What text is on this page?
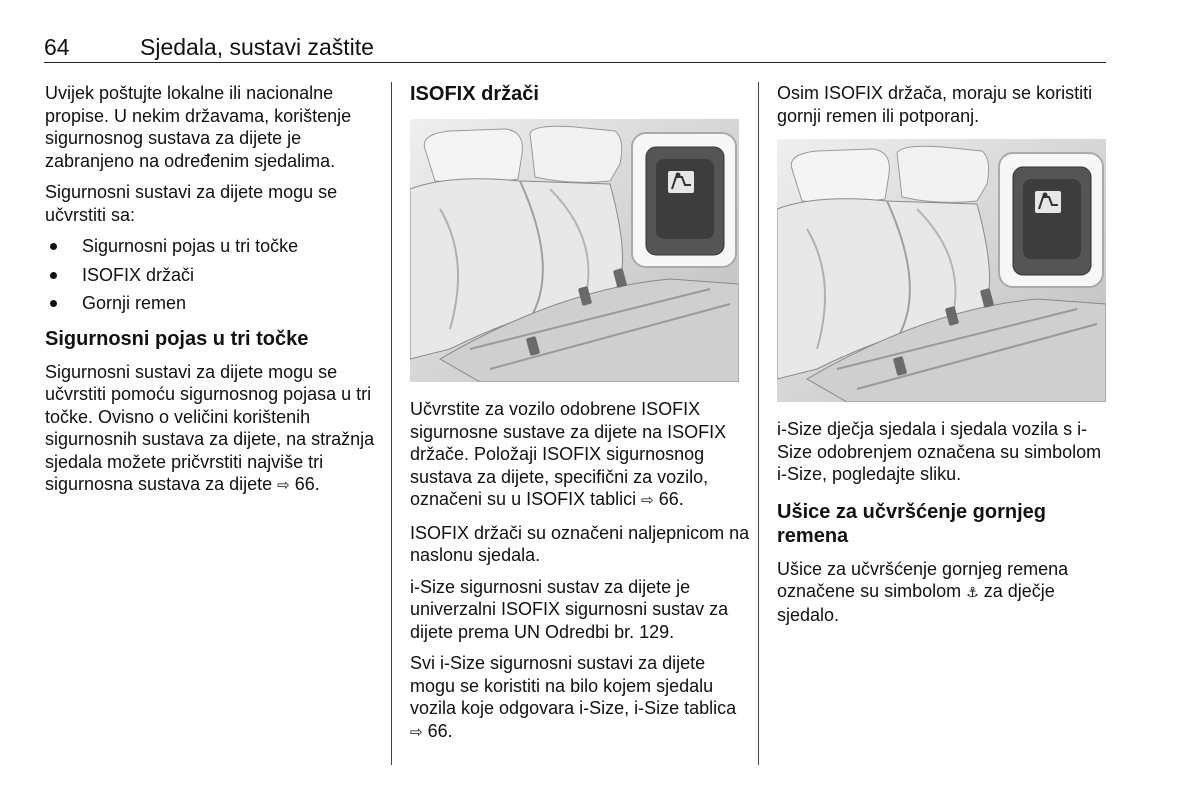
64	Sjedala, sustavi zaštite

Uvijek poštujte lokalne ili nacionalne propise. U nekim državama, korištenje sigurnosnog sustava za dijete je zabranjeno na određenim sjedalima.

Sigurnosni sustavi za dijete mogu se učvrstiti sa:

Sigurnosni pojas u tri točke
ISOFIX držači
Gornji remen
Sigurnosni pojas u tri točke

Sigurnosni sustavi za dijete mogu se učvrstiti pomoću sigurnosnog pojasa u tri točke. Ovisno o veličini korištenih sigurnosnih sustava za dijete, na stražnja sjedala možete pričvrstiti najviše tri sigurnosna sustava za dijete ⇨ 66.

ISOFIX držači

Učvrstite za vozilo odobrene ISOFIX sigurnosne sustave za dijete na ISOFIX držače. Položaji ISOFIX sigurnosnog sustava za dijete, specifični za vozilo, označeni su u ISOFIX tablici ⇨ 66.

ISOFIX držači su označeni naljepnicom na naslonu sjedala.

i-Size sigurnosni sustav za dijete je univerzalni ISOFIX sigurnosni sustav za dijete prema UN Odredbi br. 129.

Svi i-Size sigurnosni sustavi za dijete mogu se koristiti na bilo kojem sjedalu vozila koje odgovara i-Size, i-Size tablica ⇨ 66.

Osim ISOFIX držača, moraju se koristiti gornji remen ili potporanj.

i-Size dječja sjedala i sjedala vozila s i-Size odobrenjem označena su simbolom i-Size, pogledajte sliku.

Ušice za učvršćenje gornjeg remena

Ušice za učvršćenje gornjeg remena označene su simbolom ⚓ za dječje sjedalo.
